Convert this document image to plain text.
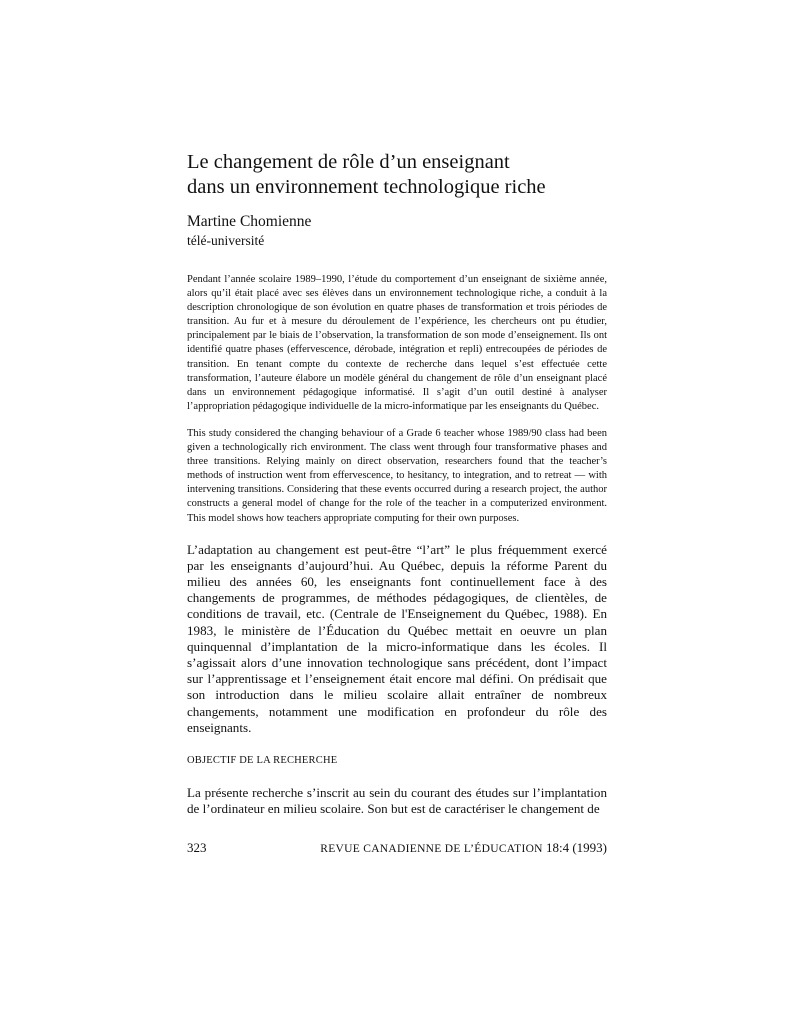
Le changement de rôle d’un enseignant
dans un environnement technologique riche
Martine Chomienne
télé-université

Pendant l’année scolaire 1989–1990, l’étude du comportement d’un enseignant de sixième année, alors qu’il était placé avec ses élèves dans un environnement technologique riche, a conduit à la description chronologique de son évolution en quatre phases de transformation et trois périodes de transition. Au fur et à mesure du déroulement de l’expérience, les chercheurs ont pu étudier, principalement par le biais de l’observation, la transformation de son mode d’enseignement. Ils ont identifié quatre phases (effervescence, dérobade, intégration et repli) entrecoupées de périodes de transition. En tenant compte du contexte de recherche dans lequel s’est effectuée cette transformation, l’auteure élabore un modèle général du changement de rôle d’un enseignant placé dans un environnement pédagogique informatisé. Il s’agit d’un outil destiné à analyser l’appropriation pédagogique individuelle de la micro-informatique par les enseignants du Québec.

This study considered the changing behaviour of a Grade 6 teacher whose 1989/90 class had been given a technologically rich environment. The class went through four transformative phases and three transitions. Relying mainly on direct observation, researchers found that the teacher’s methods of instruction went from effervescence, to hesitancy, to integration, and to retreat — with intervening transitions. Considering that these events occurred during a research project, the author constructs a general model of change for the role of the teacher in a computerized environment. This model shows how teachers appropriate computing for their own purposes.

L’adaptation au changement est peut-être “l’art” le plus fréquemment exercé par les enseignants d’aujourd’hui. Au Québec, depuis la réforme Parent du milieu des années 60, les enseignants font continuellement face à des changements de programmes, de méthodes pédagogiques, de clientèles, de conditions de travail, etc. (Centrale de l'Enseignement du Québec, 1988). En 1983, le ministère de l’Éducation du Québec mettait en oeuvre un plan quinquennal d’implantation de la micro-informatique dans les écoles. Il s’agissait alors d’une innovation technologique sans précédent, dont l’impact sur l’apprentissage et l’enseignement était encore mal défini. On prédisait que son introduction dans le milieu scolaire allait entraîner de nombreux changements, notamment une modification en profondeur du rôle des enseignants.

OBJECTIF DE LA RECHERCHE

La présente recherche s’inscrit au sein du courant des études sur l’implantation de l’ordinateur en milieu scolaire. Son but est de caractériser le changement de

323	REVUE CANADIENNE DE L’ÉDUCATION 18:4 (1993)
